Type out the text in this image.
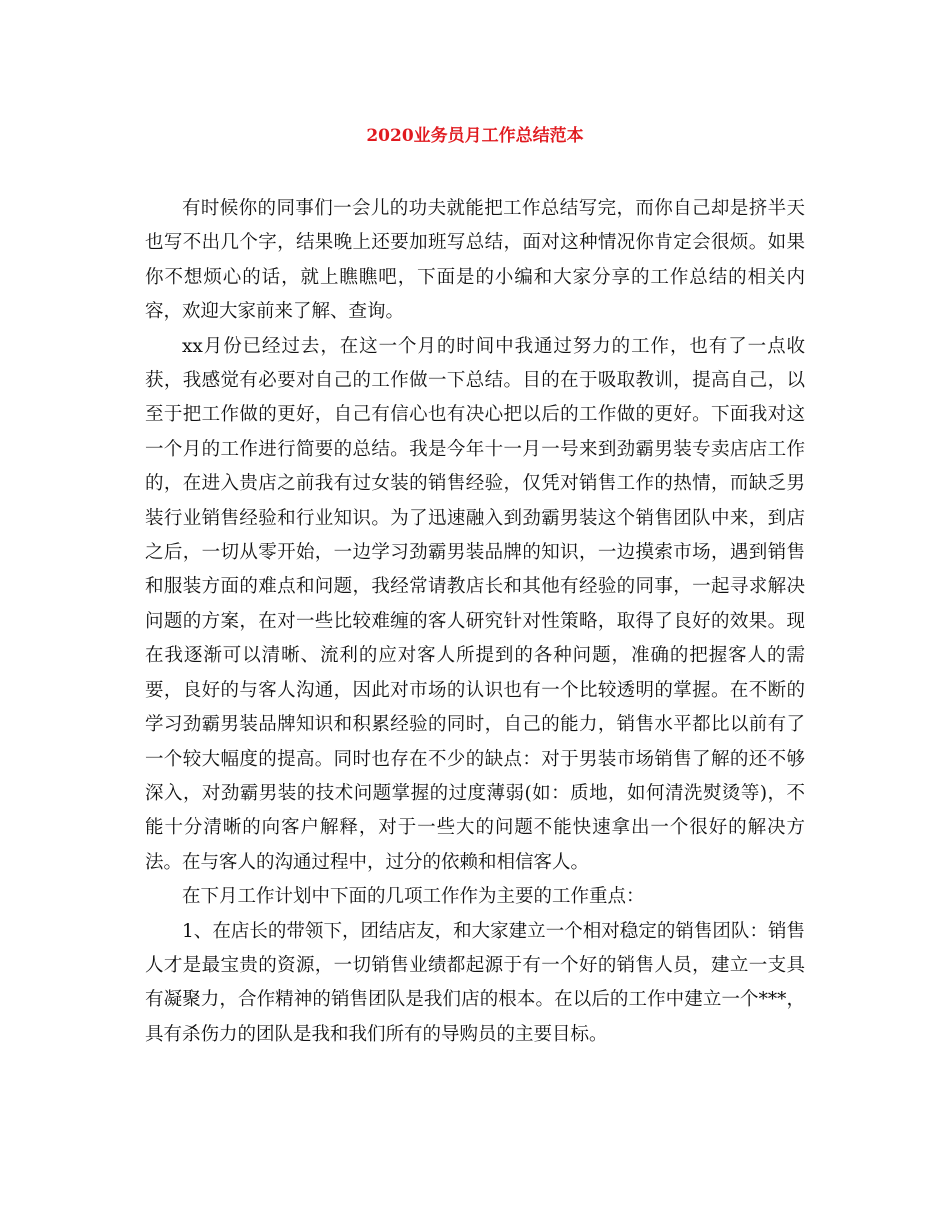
2020业务员月工作总结范本

有时候你的同事们一会儿的功夫就能把工作总结写完，而你自己却是挤半天也写不出几个字，结果晚上还要加班写总结，面对这种情况你肯定会很烦。如果你不想烦心的话，就上瞧瞧吧，下面是的小编和大家分享的工作总结的相关内容，欢迎大家前来了解、查询。

xx月份已经过去，在这一个月的时间中我通过努力的工作，也有了一点收获，我感觉有必要对自己的工作做一下总结。目的在于吸取教训，提高自己，以至于把工作做的更好，自己有信心也有决心把以后的工作做的更好。下面我对这一个月的工作进行简要的总结。我是今年十一月一号来到劲霸男装专卖店店工作的，在进入贵店之前我有过女装的销售经验，仅凭对销售工作的热情，而缺乏男装行业销售经验和行业知识。为了迅速融入到劲霸男装这个销售团队中来，到店之后，一切从零开始，一边学习劲霸男装品牌的知识，一边摸索市场，遇到销售和服装方面的难点和问题，我经常请教店长和其他有经验的同事，一起寻求解决问题的方案，在对一些比较难缠的客人研究针对性策略，取得了良好的效果。现在我逐渐可以清晰、流利的应对客人所提到的各种问题，准确的把握客人的需要，良好的与客人沟通，因此对市场的认识也有一个比较透明的掌握。在不断的学习劲霸男装品牌知识和积累经验的同时，自己的能力，销售水平都比以前有了一个较大幅度的提高。同时也存在不少的缺点：对于男装市场销售了解的还不够深入，对劲霸男装的技术问题掌握的过度薄弱(如：质地，如何清洗熨烫等)，不能十分清晰的向客户解释，对于一些大的问题不能快速拿出一个很好的解决方法。在与客人的沟通过程中，过分的依赖和相信客人。

在下月工作计划中下面的几项工作作为主要的工作重点：

1、在店长的带领下，团结店友，和大家建立一个相对稳定的销售团队：销售人才是最宝贵的资源，一切销售业绩都起源于有一个好的销售人员，建立一支具有凝聚力，合作精神的销售团队是我们店的根本。在以后的工作中建立一个***，具有杀伤力的团队是我和我们所有的导购员的主要目标。
